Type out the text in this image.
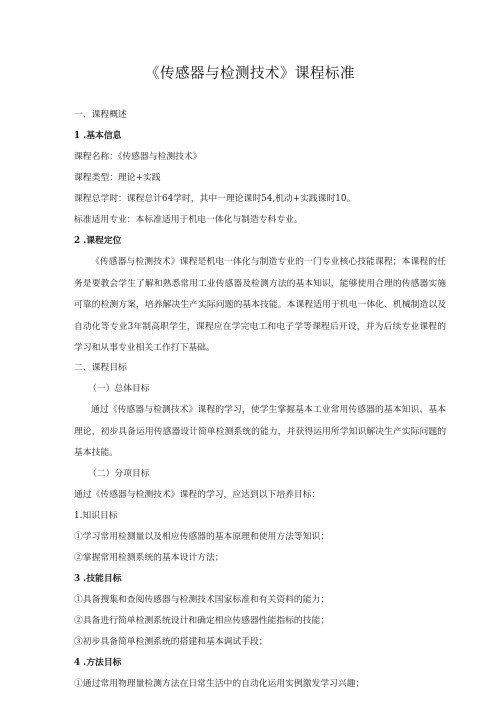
《传感器与检测技术》课程标准
一、课程概述
1 .基本信息
课程名称：《传感器与检测技术》
课程类型：理论+实践
课程总学时：课程总计64学时，其中一理论课时54,机动+实践课时10。
标准适用专业：本标准适用于机电一体化与制造专科专业。
2 .课程定位
《传感器与检测技术》课程是机电一体化与制造专业的一门专业核心技能课程；本课程的任务是要教会学生了解和熟悉常用工业传感器及检测方法的基本知识，能够使用合理的传感器实施可靠的检测方案，培养解决生产实际问题的基本技能。本课程适用于机电一体化、机械制造以及自动化等专业3年制高职学生，课程应在学完电工和电子学等课程后开设，并为后续专业课程的学习和从事专业相关工作打下基础。
二、课程目标
（一）总体目标
通过《传感器与检测技术》课程的学习，使学生掌握基本工业常用传感器的基本知识、基本理论，初步具备运用传感器设计简单检测系统的能力，并获得运用所学知识解决生产实际问题的基本技能。
（二）分项目标
通过《传感器与检测技术》课程的学习，应达到以下培养目标：
1.知识目标
①学习常用检测量以及相应传感器的基本原理和使用方法等知识；
②掌握常用检测系统的基本设计方法；
3 .技能目标
①具备搜集和查阅传感器与检测技术国家标准和有关资料的能力；
②具备进行简单检测系统设计和确定相应传感器性能指标的技能；
③初步具备简单检测系统的搭建和基本调试手段；
4 .方法目标
①通过常用物理量检测方法在日常生活中的自动化运用实例激发学习兴趣；
